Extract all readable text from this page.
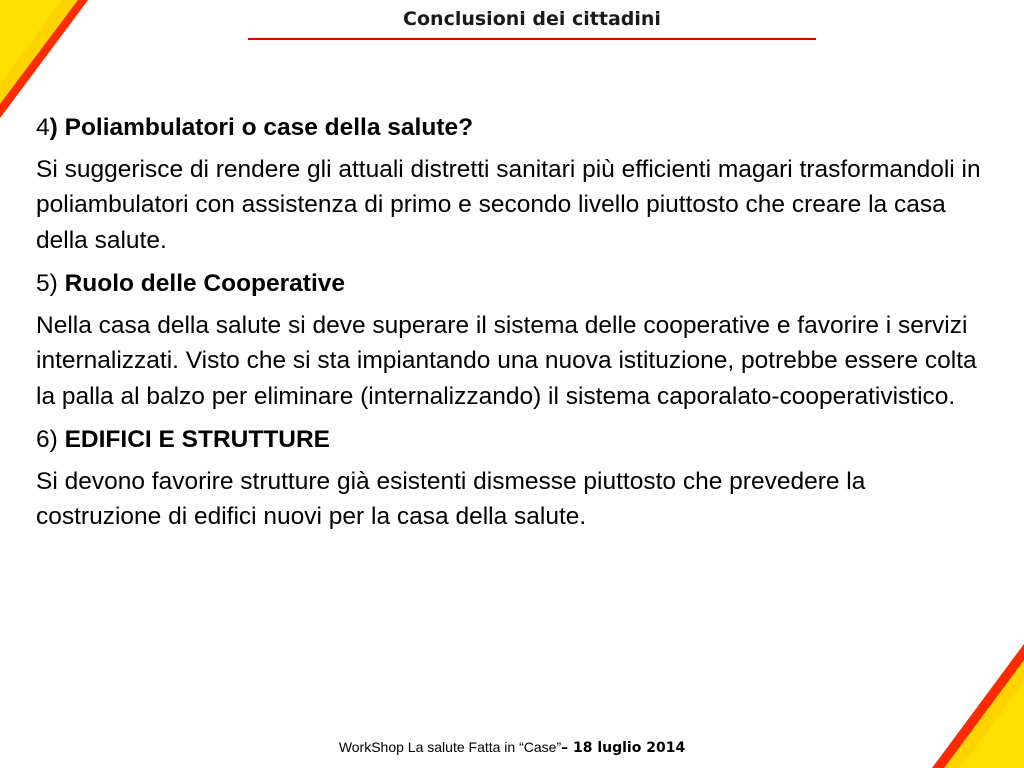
Conclusioni dei cittadini

4) Poliambulatori o case della salute?

Si suggerisce di rendere gli attuali distretti sanitari più efficienti magari trasformandoli in poliambulatori con assistenza di primo e secondo livello piuttosto che creare la casa della salute.

5) Ruolo delle Cooperative

Nella casa della salute si deve superare il sistema delle cooperative e favorire i servizi internalizzati. Visto che si sta impiantando una nuova istituzione, potrebbe essere colta la palla al balzo per eliminare (internalizzando) il sistema caporalato-cooperativistico.

6) EDIFICI E STRUTTURE

Si devono favorire strutture già esistenti dismesse piuttosto che prevedere la costruzione di edifici nuovi per la casa della salute.

WorkShop La salute Fatta in “Case”– 18 luglio 2014
